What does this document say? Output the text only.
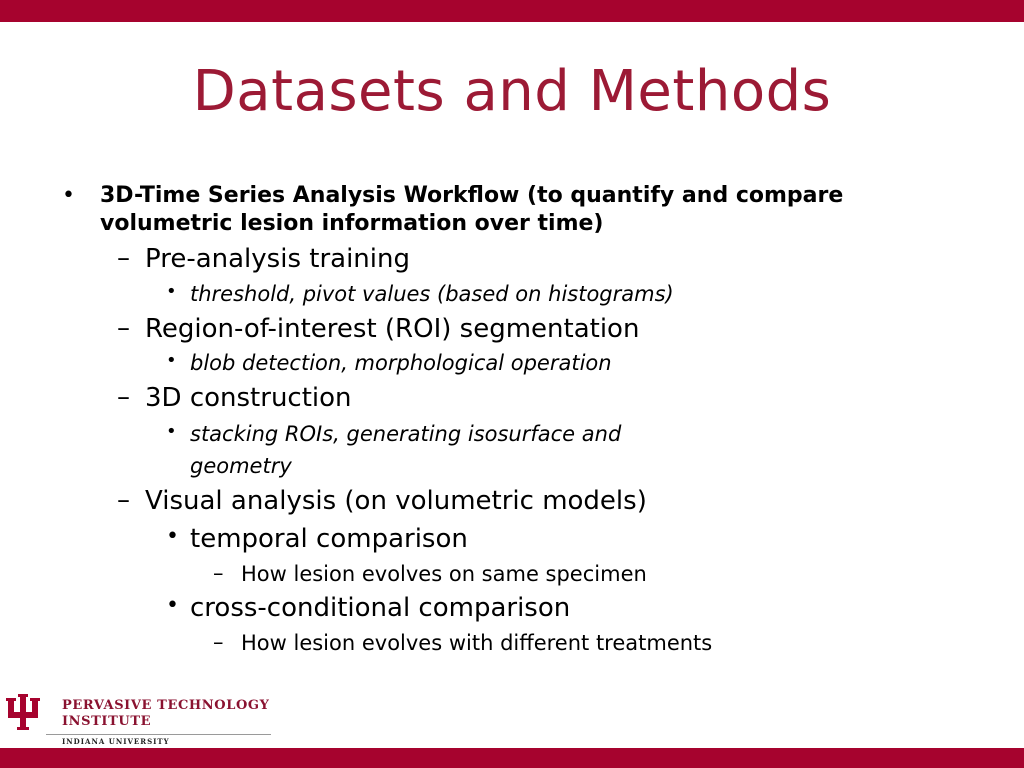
Datasets and Methods
• 3D-Time Series Analysis Workflow (to quantify and compare
volumetric lesion information over time)
– Pre-analysis training
• threshold, pivot values (based on histograms)
– Region-of-interest (ROI) segmentation
• blob detection, morphological operation
– 3D construction
• stacking ROIs, generating isosurface and
geometry
– Visual analysis (on volumetric models)
• temporal comparison
– How lesion evolves on same specimen
• cross-conditional comparison
– How lesion evolves with different treatments
PERVASIVE TECHNOLOGY
INSTITUTE
INDIANA UNIVERSITY
